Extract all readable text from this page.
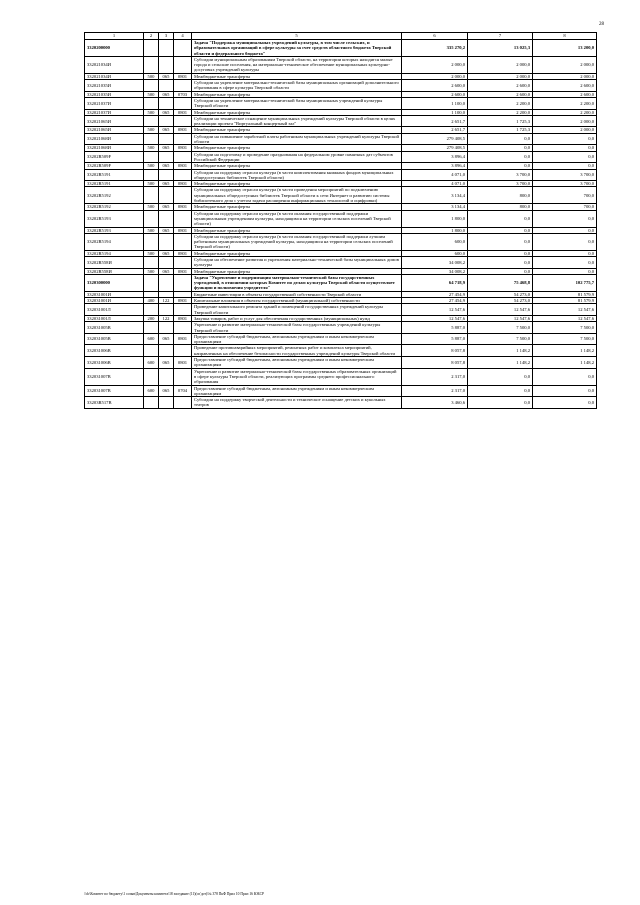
28
1	2	3	4	5	6	7	8
3320200000				Задача "Поддержка муниципальных учреждений культуры, в том числе сельских, и образовательных организаций в сфере культуры за счет средств областного бюджета Тверской области и федерального бюджета"	335 270,2	13 025,3	13 200,0
332021034И				Субсидии муниципальным образованиям Тверской области, на территории которых находятся малые города и сельские поселения, на материально-техническое обеспечение муниципальных культурно-досуговых учреждений культуры	2 000,0	2 000,0	2 000,0
332021034И	500	065	0801	Межбюджетные трансферты	2 000,0	2 000,0	2 000,0
332021035И				Субсидии на укрепление материально-технической базы муниципальных организаций дополнительного образования в сфере культуры Тверской области	2 600,0	2 600,0	2 600,0
332021035И	500	065	0703	Межбюджетные трансферты	2 600,0	2 600,0	2 600,0
332021037И				Субсидии на укрепление материально-технической базы муниципальных учреждений культуры Тверской области	1 100,0	2 200,0	2 200,0
332021037И	500	065	0801	Межбюджетные трансферты	1 100,0	2 200,0	2 200,0
332021065И				Субсидии на техническое оснащение муниципальных учреждений культуры Тверской области в целях реализации проекта "Виртуальный концертный зал"	2 651,7	1 725,3	2 000,0
332021065И	500	065	0801	Межбюджетные трансферты	2 651,7	1 725,3	2 000,0
332021068И				Субсидии на повышение заработной платы работникам муниципальных учреждений культуры Тверской области	279 408,5	0,0	0,0
332021068И	500	065	0801	Межбюджетные трансферты	279 408,5	0,0	0,0
33202R509F				Субсидии на подготовку и проведение празднования на федеральном уровне памятных дат субъектов Российской Федерации	3 896,4	0,0	0,0
33202R509F	500	065	0801	Межбюджетные трансферты	3 896,4	0,0	0,0
33202R5191				Субсидии на поддержку отрасли культура (в части комплектования книжных фондов муниципальных общедоступных библиотек Тверской области)	4 071,0	3 700,0	3 700,0
33202R5191	500	065	0801	Межбюджетные трансферты	4 071,0	3 700,0	3 700,0
33202R5192				Субсидии на поддержку отрасли культура (в части проведения мероприятий по подключению муниципальных общедоступных библиотек Тверской области к сети Интернет и развитию системы библиотечного дела с учетом задачи расширения информационных технологий и оцифровки)	3 134,4	800,0	700,0
33202R5192	500	065	0801	Межбюджетные трансферты	3 134,4	800,0	700,0
33202R5193				Субсидии на поддержку отрасли культура (в части оказания государственной поддержки муниципальным учреждениям культуры, находящимся на территории сельских поселений Тверской области)	1 800,0	0,0	0,0
33202R5193	500	065	0801	Межбюджетные трансферты	1 800,0	0,0	0,0
33202R5194				Субсидии на поддержку отрасли культура (в части оказания государственной поддержки лучшим работникам муниципальных учреждений культуры, находящимся на территории сельских поселений Тверской области)	600,0	0,0	0,0
33202R5194	500	065	0801	Межбюджетные трансферты	600,0	0,0	0,0
33202R558И				Субсидии на обеспечение развития и укрепления материально-технической базы муниципальных домов культуры	34 008,2	0,0	0,0
33202R558И	500	065	0801	Межбюджетные трансферты	34 008,2	0,0	0,0
3320300000				Задача "Укрепление и модернизация материально-технической базы государственных учреждений, в отношении которых Комитет по делам культуры Тверской области осуществляет функции и полномочия учредителя"	64 718,9	75 468,8	102 775,7
332031001И				Бюджетные инвестиции в объекты государственной собственности Тверской области	27 454,9	54 273,0	81 579,9
332031001И	400	122	0801	Капитальные вложения в объекты государственной (муниципальной) собственности	27 454,9	54 273,0	81 579,9
332031001Л				Проведение капитального ремонта зданий и помещений государственных учреждений культуры Тверской области	12 547,6	12 547,6	12 547,6
332031001Л	200	122	0801	Закупка товаров, работ и услуг для обеспечения государственных (муниципальных) нужд	12 547,6	12 547,6	12 547,6
332031005В				Укрепление и развитие материально-технической базы государственных учреждений культуры Тверской области	5 887,0	7 500,0	7 500,0
332031005В	600	065	0801	Предоставление субсидий бюджетным, автономным учреждениям и иным некоммерческим организациям	5 887,0	7 500,0	7 500,0
332031006В				Проведение противоаварийных мероприятий, ремонтных работ и комплекса мероприятий, направленных на обеспечение безопасности государственных учреждений культуры Тверской области	8 057,8	1 148,2	1 148,2
332031006В	600	065	0801	Предоставление субсидий бюджетным, автономным учреждениям и иным некоммерческим организациям	8 057,8	1 148,2	1 148,2
332031007В				Укрепление и развитие материально-технической базы государственных образовательных организаций в сфере культуры Тверской области, реализующих программы среднего профессионального образования	2 317,0	0,0	0,0
332031007В	600	065	0704	Предоставление субсидий бюджетным, автономным учреждениям и иным некоммерческим организациям	2 317,0	0,0	0,0
33203R517В				Субсидии на поддержку творческой деятельности и техническое оснащение детских и кукольных театров	3 460,6	0,0	0,0
\\dc\Комитет по бюджету\1 созыв\Документы комитета\18 заседание (11)(сп'дот)\№ 378 ПкФ Прил 10 Прил 16 ЮБСР
